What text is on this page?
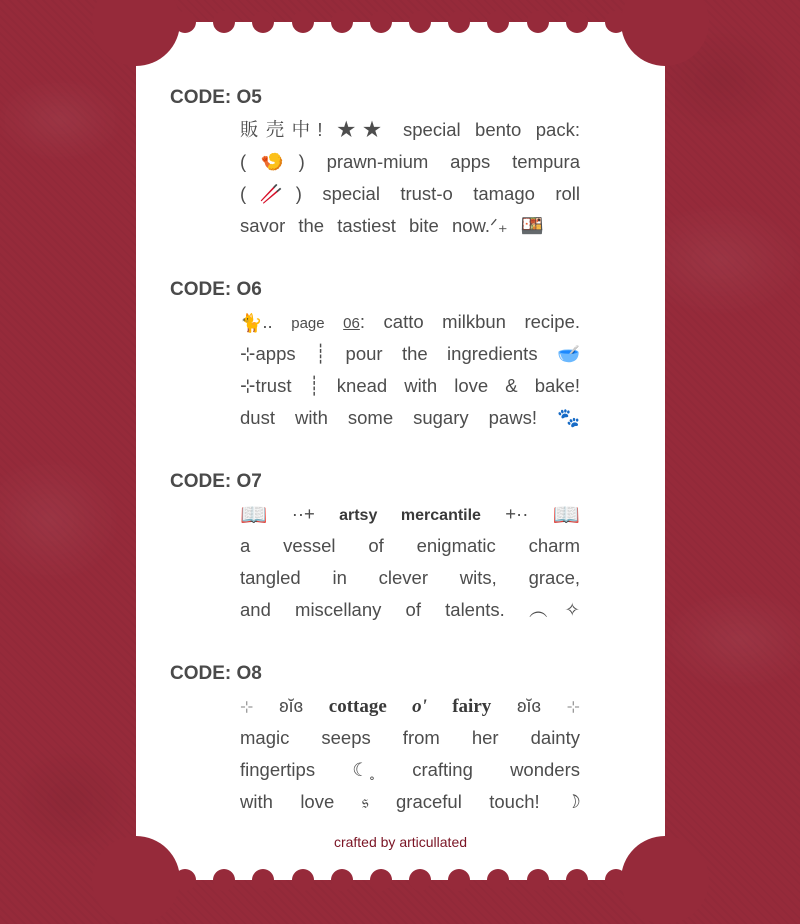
CODE: O5
販売中! ★★ special bento pack:
(🍤) prawn-mium apps tempura
(🥢) special trust-o tamago roll
savor the tastiest bite now.ᐟ₊ 🍱
CODE: O6
🐈.. page 06: catto milkbun recipe.
⊹apps ┊ pour the ingredients 🥣
⊹trust ┊ knead with love & bake!
dust with some sugary paws! 🐾
CODE: O7
📖 ··+ artsy mercantile +·· 📖
a vessel of enigmatic charm
tangled in clever wits, grace,
and miscellany of talents. ︵✧
CODE: O8
⊹ ʚĭɞ cottage o' fairy ʚĭɞ ⊹
magic seeps from her dainty
fingertips ☾˳ crafting wonders
with love 𝔰 graceful touch! ☽
crafted by articullated
